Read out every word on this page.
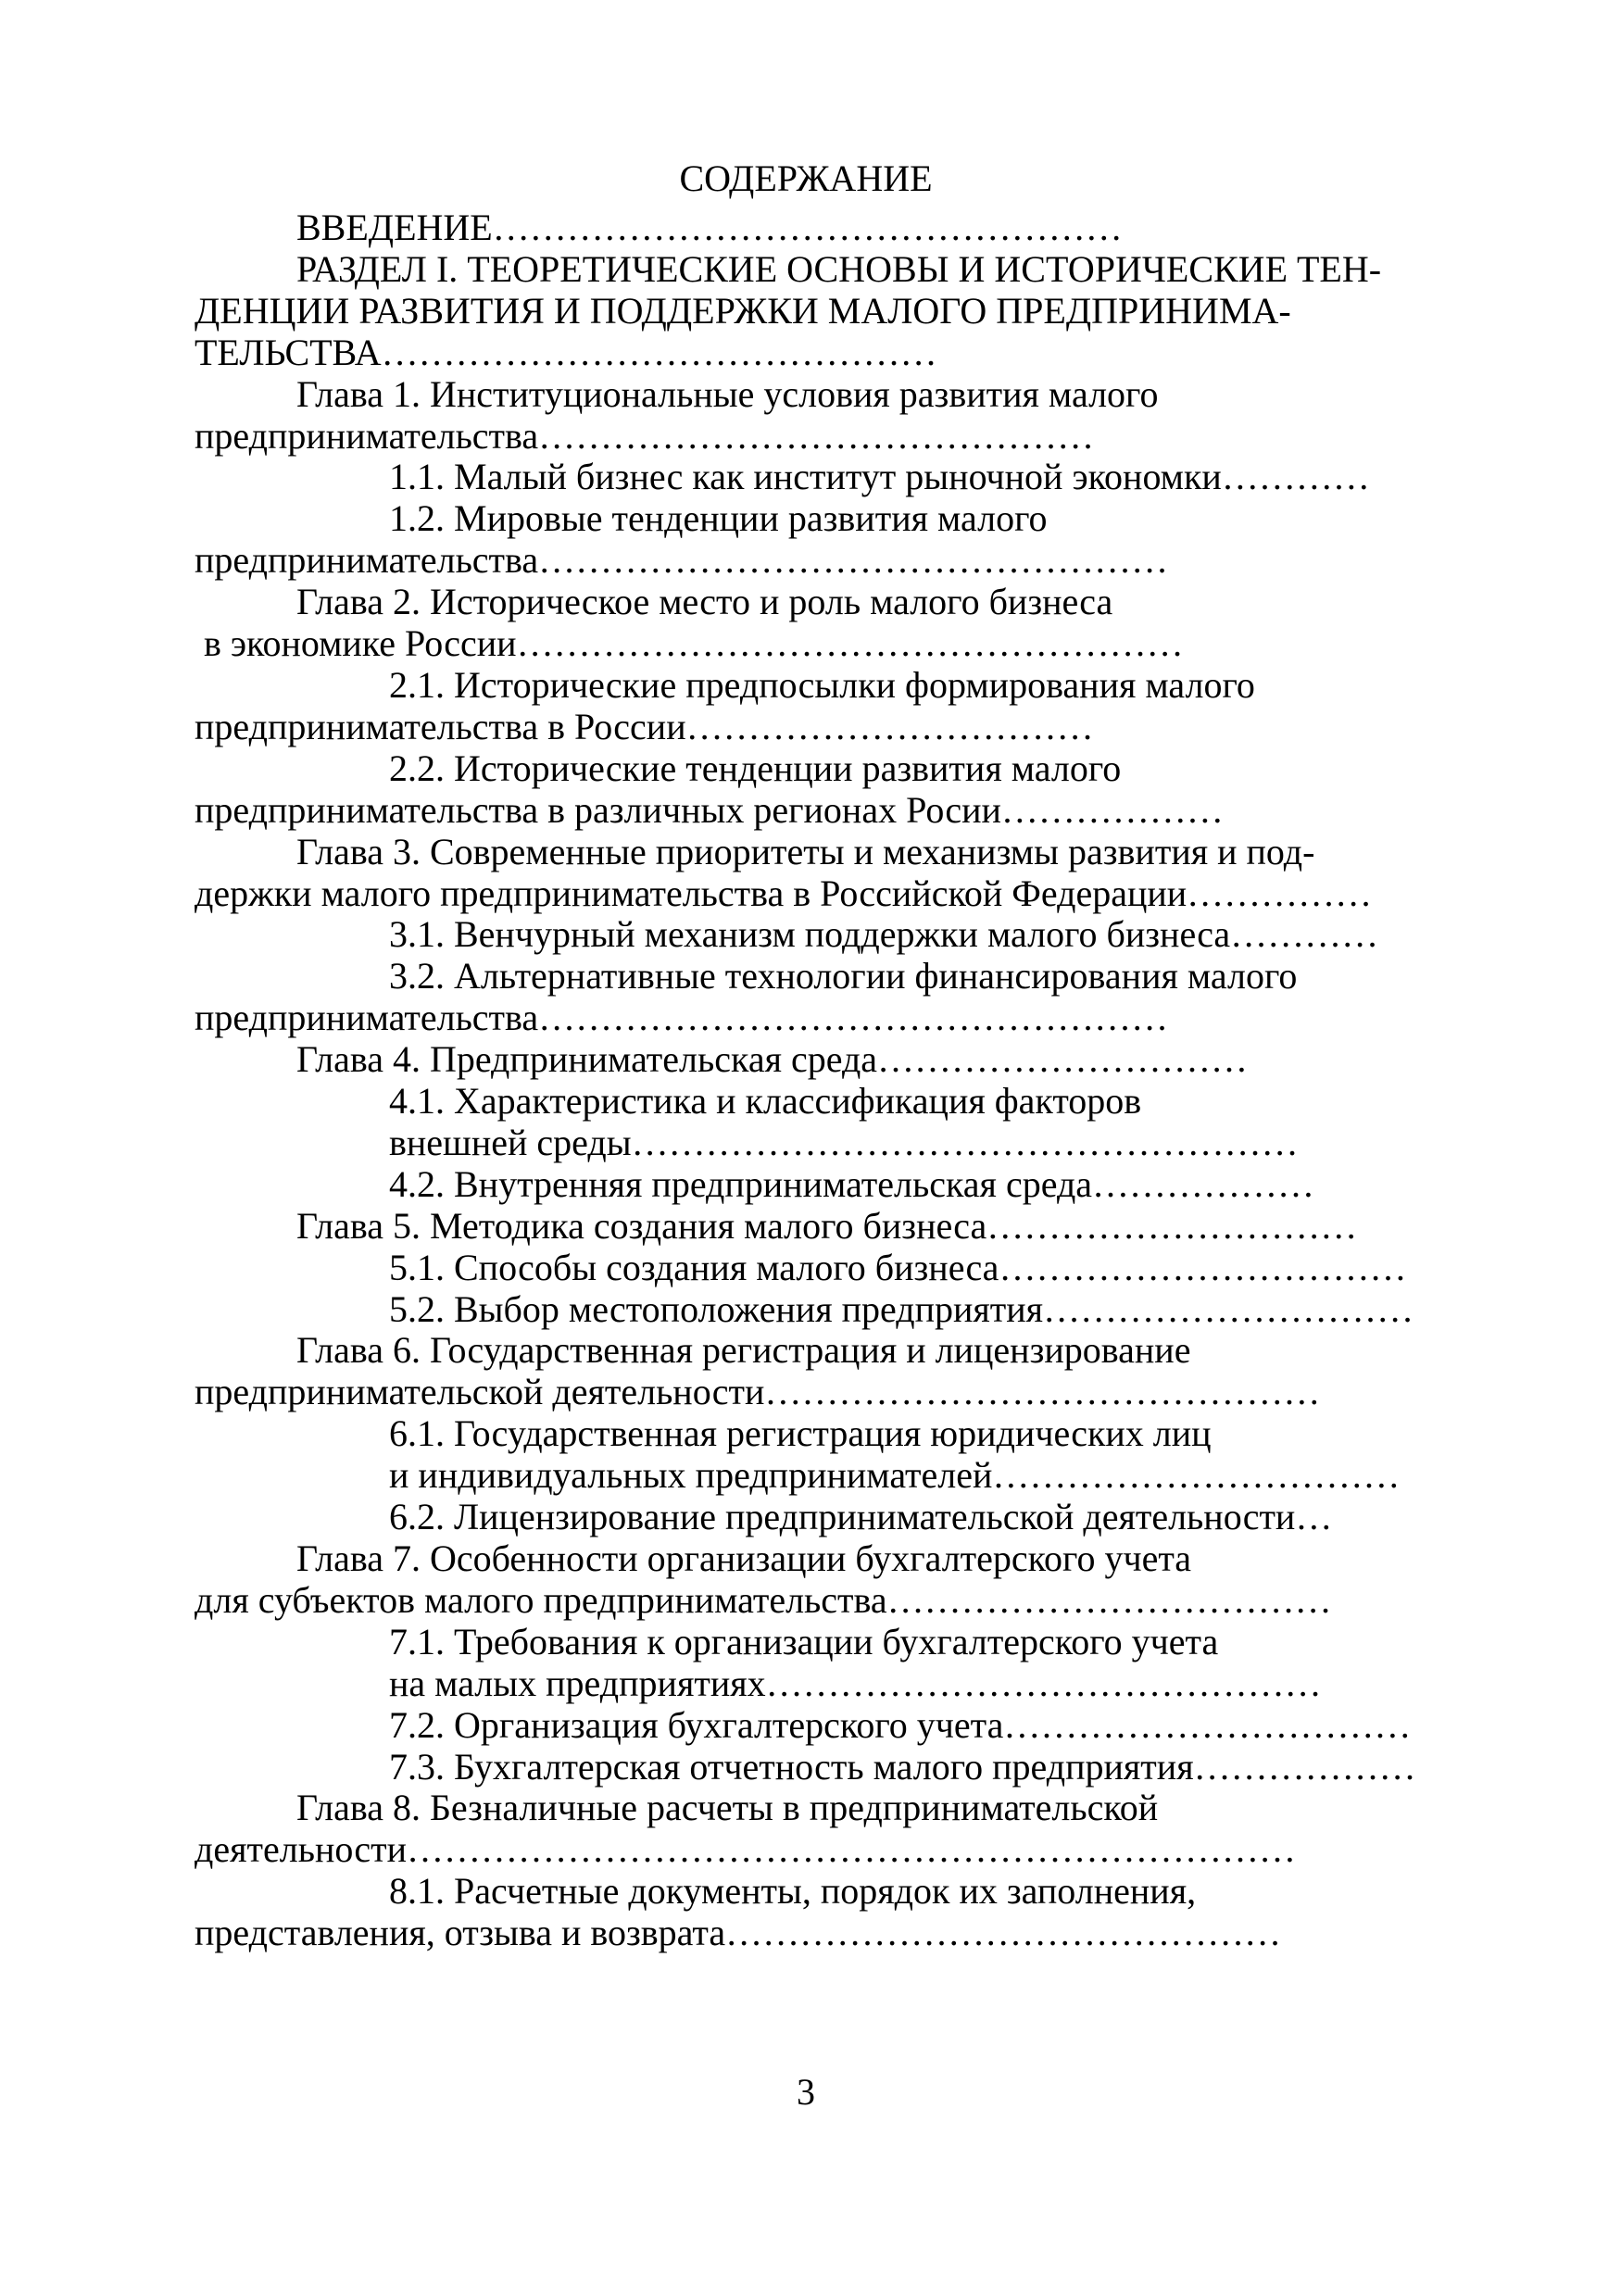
СОДЕРЖАНИЕ
ВВЕДЕНИЕ……………………………………………
РАЗДЕЛ I. ТЕОРЕТИЧЕСКИЕ ОСНОВЫ И ИСТОРИЧЕСКИЕ ТЕН-
ДЕНЦИИ РАЗВИТИЯ И ПОДДЕРЖКИ МАЛОГО ПРЕДПРИНИМА-
ТЕЛЬСТВА………………………………………
Глава 1. Институциональные условия развития малого
предпринимательства………………………………………
1.1. Малый бизнес как институт рыночной экономки…………
1.2. Мировые тенденции развития малого
предпринимательства……………………………………………
Глава 2. Историческое место и роль малого бизнеса
в экономике России………………………………………………
2.1. Исторические предпосылки формирования малого
предпринимательства в России……………………………
2.2. Исторические тенденции развития малого
предпринимательства в различных регионах Росии………………
Глава 3. Современные приоритеты и механизмы развития и под-
держки малого предпринимательства в Российской Федерации……………
3.1. Венчурный механизм поддержки малого бизнеса…………
3.2. Альтернативные технологии финансирования малого
предпринимательства……………………………………………
Глава 4. Предпринимательская среда…………………………
4.1. Характеристика и классификация факторов
внешней среды………………………………………………
4.2. Внутренняя предпринимательская среда………………
Глава 5. Методика создания малого бизнеса…………………………
5.1. Способы создания малого бизнеса……………………………
5.2. Выбор местоположения предприятия…………………………
Глава 6. Государственная регистрация и лицензирование
предпринимательской деятельности………………………………………
6.1. Государственная регистрация юридических лиц
и индивидуальных предпринимателей……………………………
6.2. Лицензирование предпринимательской деятельности…
Глава 7. Особенности организации бухгалтерского учета
для субъектов малого предпринимательства………………………………
7.1. Требования к организации бухгалтерского учета
на малых предприятиях………………………………………
7.2. Организация бухгалтерского учета……………………………
7.3. Бухгалтерская отчетность малого предприятия………………
Глава 8. Безналичные расчеты в предпринимательской
деятельности………………………………………………………………
8.1. Расчетные документы, порядок их заполнения,
представления, отзыва и возврата………………………………………
3
